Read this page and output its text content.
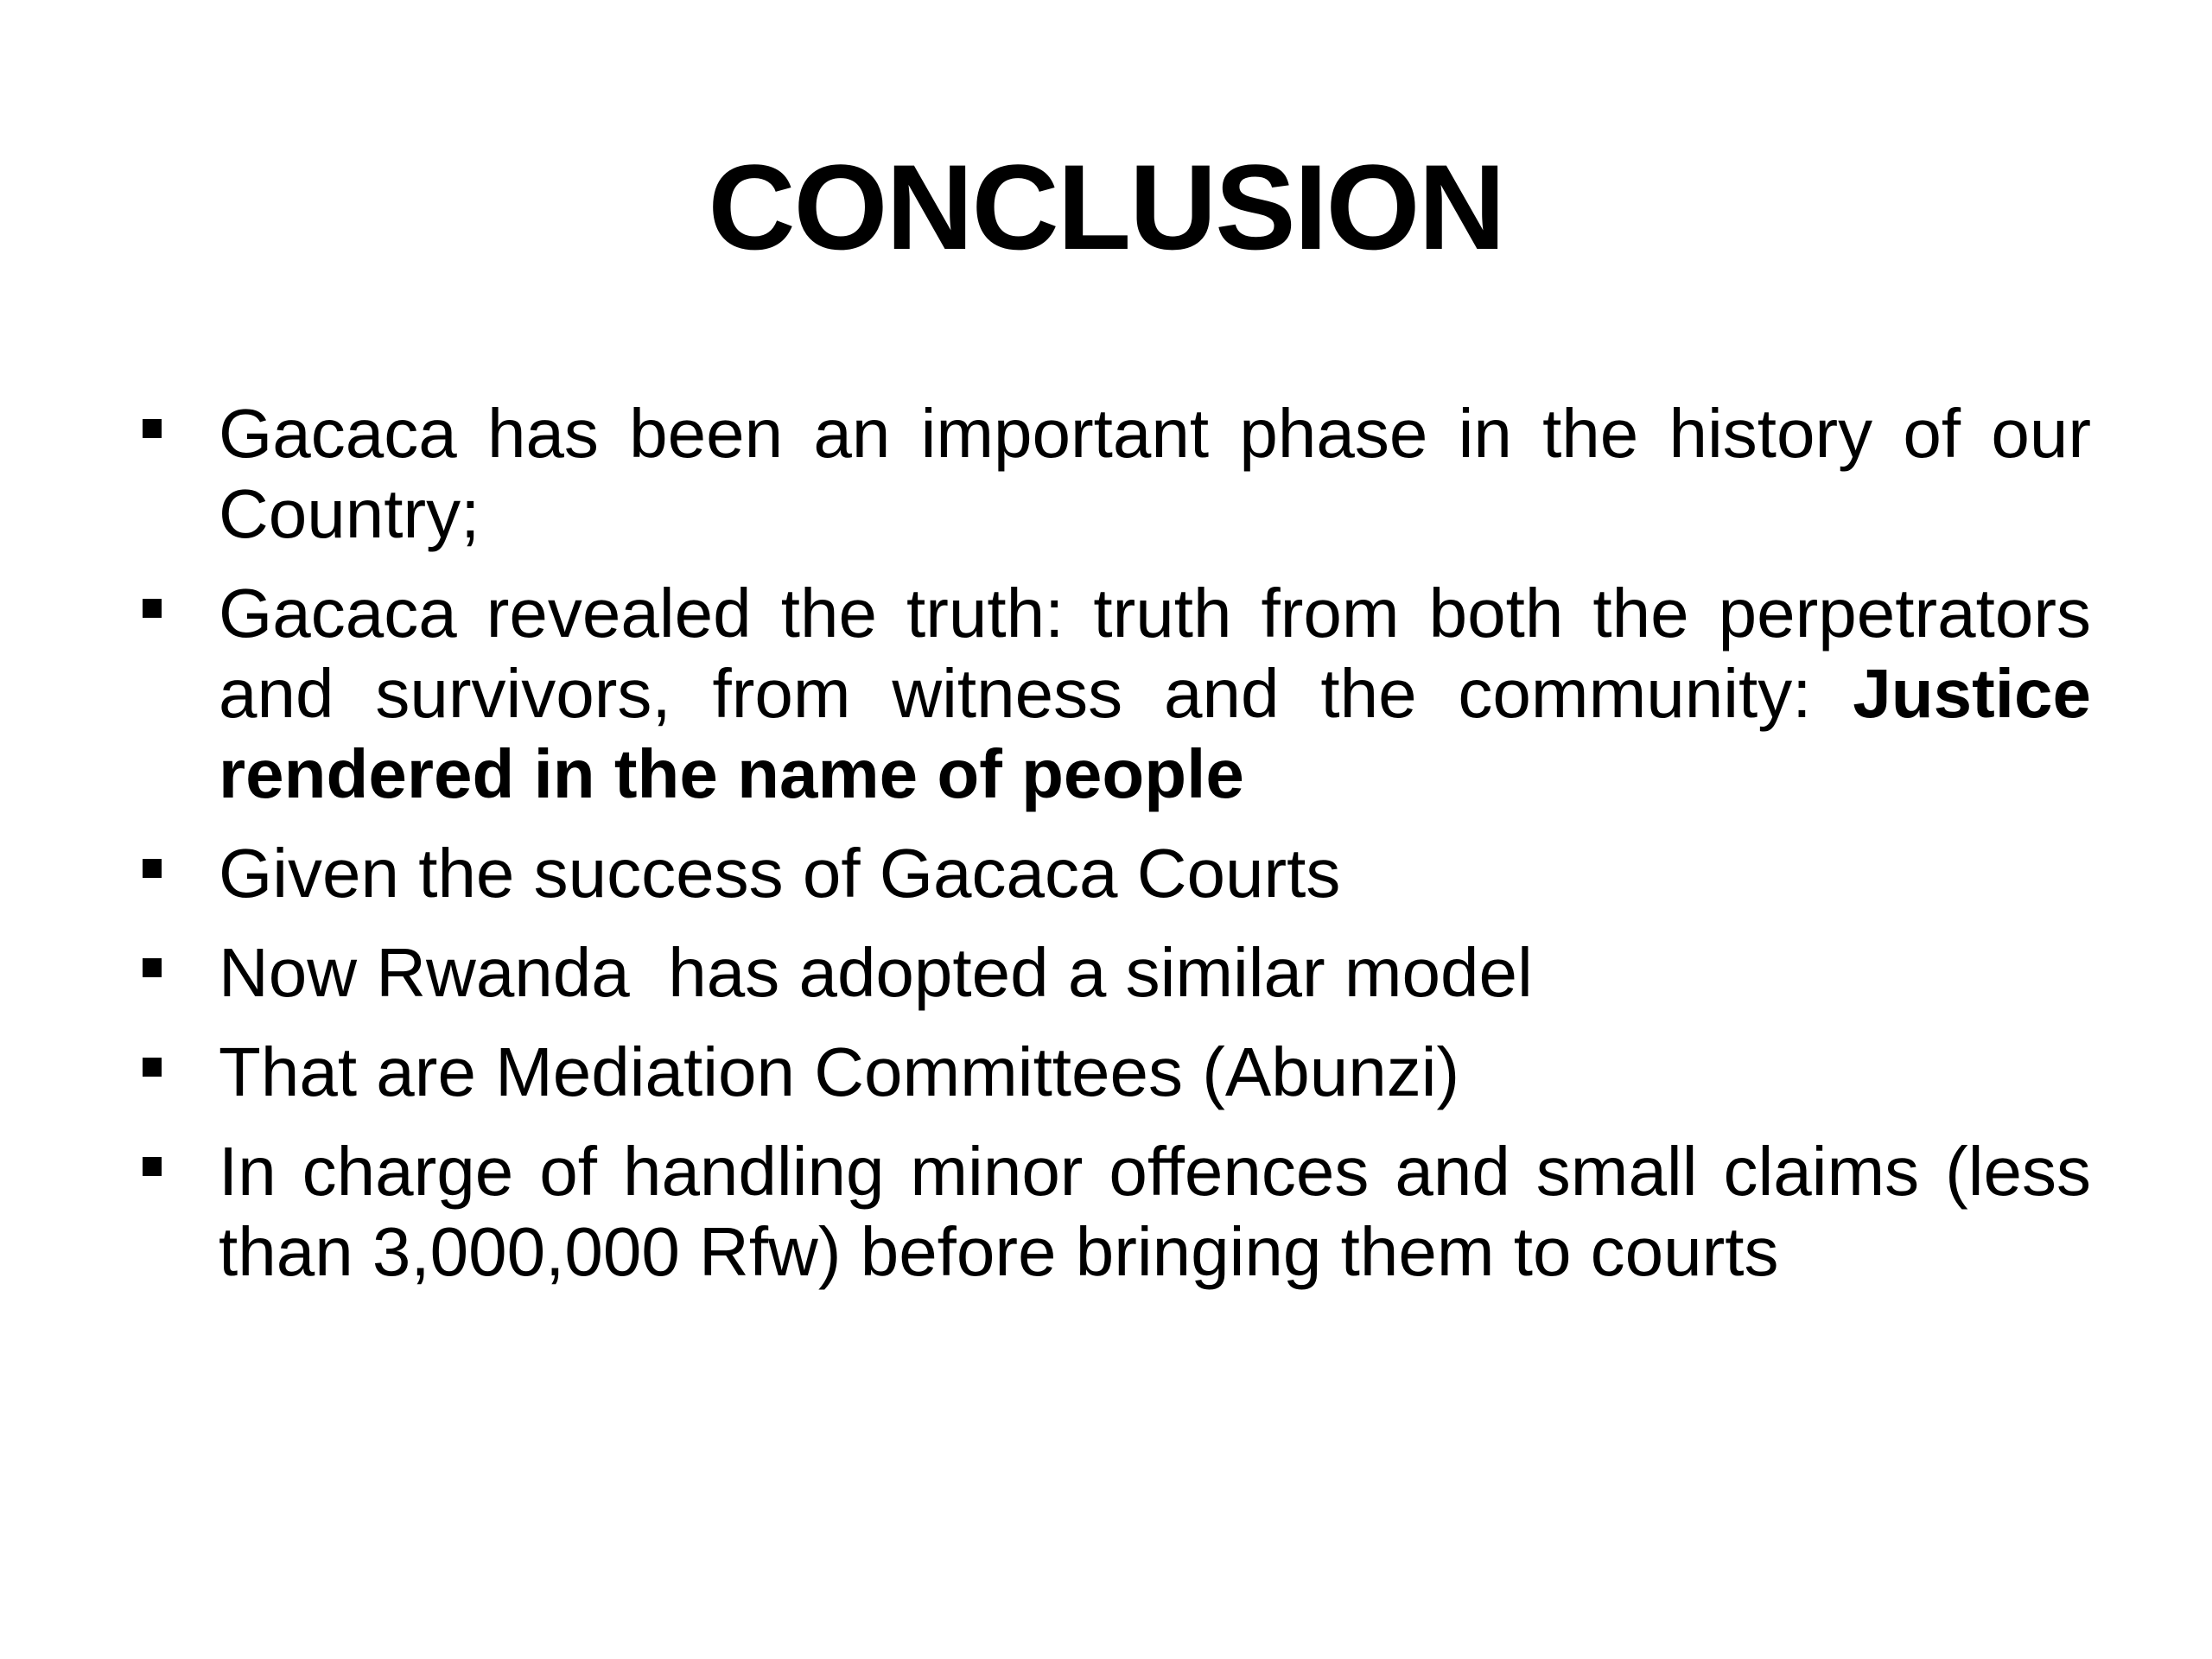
CONCLUSION
Gacaca has been an important phase in the history of our Country;
Gacaca revealed the truth: truth from both the perpetrators and survivors, from witness and the community: Justice rendered in the name of people
Given the success of Gacaca Courts
Now Rwanda  has adopted a similar model
That are Mediation Committees (Abunzi)
In charge of handling minor offences and small claims (less than 3,000,000 Rfw) before bringing them to courts
